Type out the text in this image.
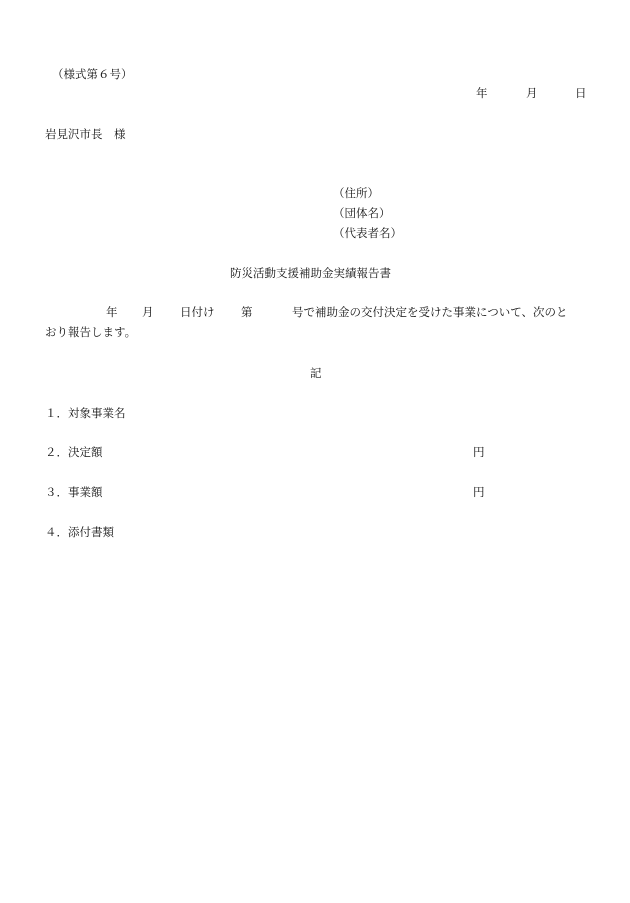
（様式第６号）
年	月	日
岩見沢市長　様
（住所）
（団体名）
（代表者名）
防災活動支援補助金実績報告書
年 月 日付け 第	号で補助金の交付決定を受けた事業について、次のと
おり報告します。
記
１．対象事業名
２．決定額	円
３．事業額	円
４．添付書類
